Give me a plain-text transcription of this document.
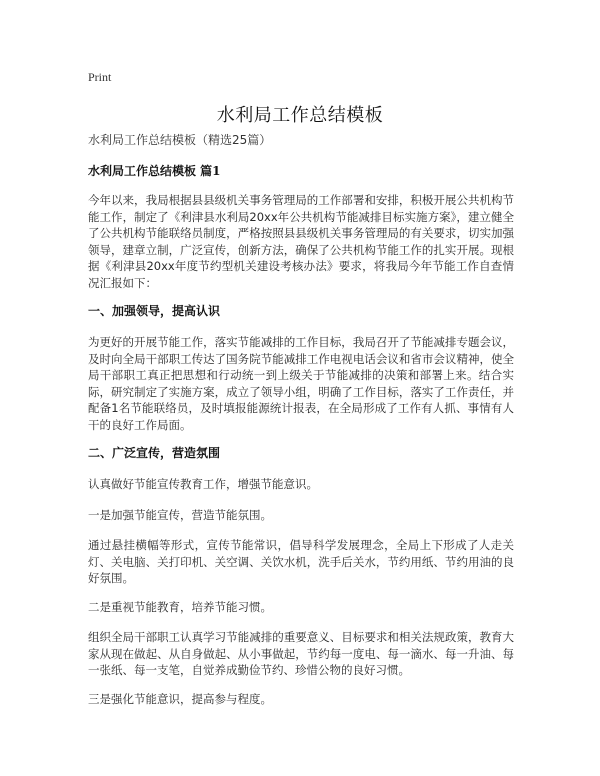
Print
水利局工作总结模板
水利局工作总结模板（精选25篇）
水利局工作总结模板 篇1

今年以来，我局根据县县级机关事务管理局的工作部署和安排，积极开展公共机构节能工作，制定了《利津县水利局20xx年公共机构节能减排目标实施方案》，建立健全了公共机构节能联络员制度，严格按照县县级机关事务管理局的有关要求，切实加强领导，建章立制，广泛宣传，创新方法，确保了公共机构节能工作的扎实开展。现根据《利津县20xx年度节约型机关建设考核办法》要求，将我局今年节能工作自查情况汇报如下：

一、加强领导，提高认识

为更好的开展节能工作，落实节能减排的工作目标，我局召开了节能减排专题会议，及时向全局干部职工传达了国务院节能减排工作电视电话会议和省市会议精神，使全局干部职工真正把思想和行动统一到上级关于节能减排的决策和部署上来。结合实际，研究制定了实施方案，成立了领导小组，明确了工作目标，落实了工作责任，并配备1名节能联络员，及时填报能源统计报表，在全局形成了工作有人抓、事情有人干的良好工作局面。

二、广泛宣传，营造氛围
认真做好节能宣传教育工作，增强节能意识。
一是加强节能宣传，营造节能氛围。

通过悬挂横幅等形式，宣传节能常识，倡导科学发展理念，全局上下形成了人走关灯、关电脑、关打印机、关空调、关饮水机，洗手后关水，节约用纸、节约用油的良好氛围。

二是重视节能教育，培养节能习惯。

组织全局干部职工认真学习节能减排的重要意义、目标要求和相关法规政策，教育大家从现在做起、从自身做起、从小事做起，节约每一度电、每一滴水、每一升油、每一张纸、每一支笔，自觉养成勤俭节约、珍惜公物的良好习惯。

三是强化节能意识，提高参与程度。
